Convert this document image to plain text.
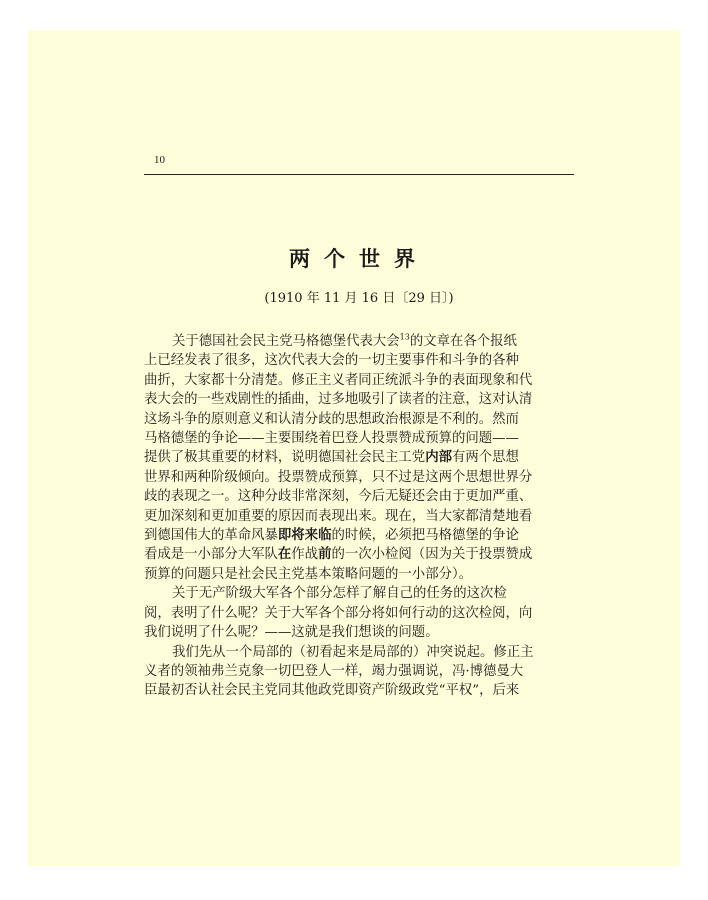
10
两个世界
(1910 年 11 月 16 日〔29 日〕)
关于德国社会民主党马格德堡代表大会$^{13}$的文章在各个报纸
上已经发表了很多，这次代表大会的一切主要事件和斗争的各种
曲折，大家都十分清楚。修正主义者同正统派斗争的表面现象和代
表大会的一些戏剧性的插曲，过多地吸引了读者的注意，这对认清
这场斗争的原则意义和认清分歧的思想政治根源是不利的。然而
马格德堡的争论——主要围绕着巴登人投票赞成预算的问题——
提供了极其重要的材料，说明德国社会民主工党内部有两个思想
世界和两种阶级倾向。投票赞成预算，只不过是这两个思想世界分
歧的表现之一。这种分歧非常深刻，今后无疑还会由于更加严重、
更加深刻和更加重要的原因而表现出来。现在，当大家都清楚地看
到德国伟大的革命风暴即将来临的时候，必须把马格德堡的争论
看成是一小部分大军队在作战前的一次小检阅（因为关于投票赞成
预算的问题只是社会民主党基本策略问题的一小部分）。
关于无产阶级大军各个部分怎样了解自己的任务的这次检
阅，表明了什么呢？关于大军各个部分将如何行动的这次检阅，向
我们说明了什么呢？——这就是我们想谈的问题。
我们先从一个局部的（初看起来是局部的）冲突说起。修正主
义者的领袖弗兰克象一切巴登人一样，竭力强调说，冯·博德曼大
臣最初否认社会民主党同其他政党即资产阶级政党“平权”，后来
